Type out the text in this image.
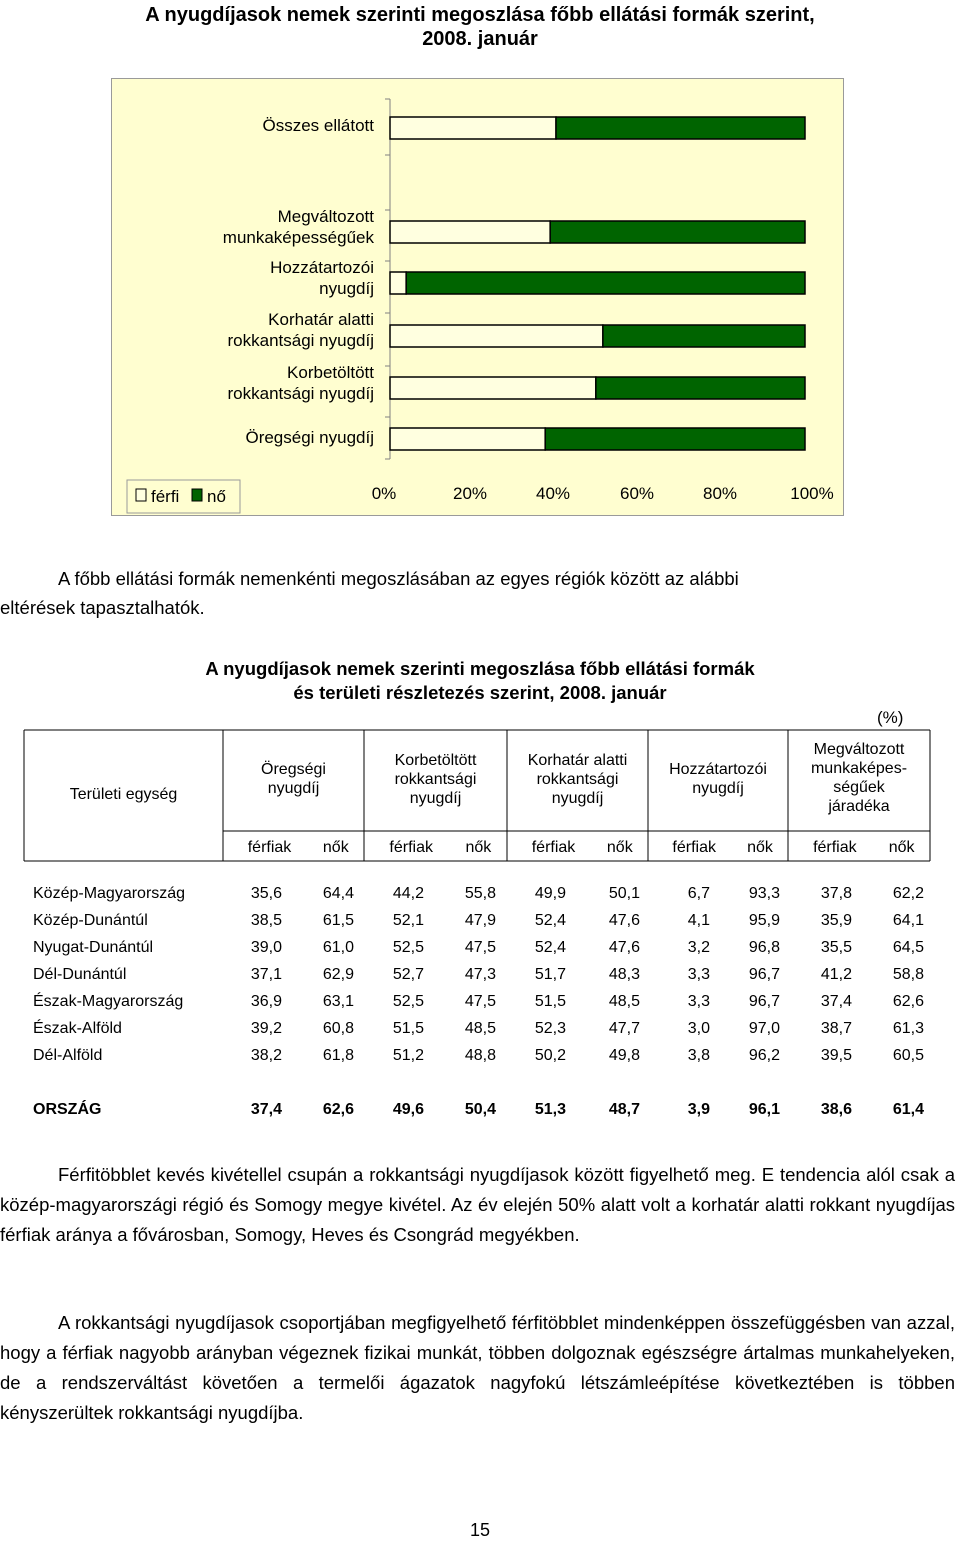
A nyugdíjasok nemek szerinti megoszlása főbb ellátási formák szerint,
2008. január
0%	20%	40%	60%	80%	100%
férfi nő
Összes ellátott
Megváltozott
munkaképességűek
Hozzátartozói
nyugdíj
Korhatár alatti
rokkantsági nyugdíj
Korbetöltött
rokkantsági nyugdíj
Öregségi nyugdíj
A főbb ellátási formák nemenkénti megoszlásában az egyes régiók között az alábbi
eltérések tapasztalhatók.
A nyugdíjasok nemek szerinti megoszlása főbb ellátási formák
és területi részletezés szerint, 2008. január
(%)
Területi egység
Öregségi
nyugdíj
Korbetöltött
rokkantsági
nyugdíj
Korhatár alatti
rokkantsági
nyugdíj
Hozzátartozói
nyugdíj
Megváltozott
munkaképes-
ségűek
járadéka
férfiak	nők	férfiak	nők	férfiak	nők	férfiak	nők	férfiak	nők
Közép-Magyarország	35,6	64,4	44,2	55,8	49,9	50,1	6,7	93,3	37,8	62,2
Közép-Dunántúl	38,5	61,5	52,1	47,9	52,4	47,6	4,1	95,9	35,9	64,1
Nyugat-Dunántúl	39,0	61,0	52,5	47,5	52,4	47,6	3,2	96,8	35,5	64,5
Dél-Dunántúl	37,1	62,9	52,7	47,3	51,7	48,3	3,3	96,7	41,2	58,8
Észak-Magyarország	36,9	63,1	52,5	47,5	51,5	48,5	3,3	96,7	37,4	62,6
Észak-Alföld	39,2	60,8	51,5	48,5	52,3	47,7	3,0	97,0	38,7	61,3
Dél-Alföld	38,2	61,8	51,2	48,8	50,2	49,8	3,8	96,2	39,5	60,5
ORSZÁG	37,4	62,6	49,6	50,4	51,3	48,7	3,9	96,1	38,6	61,4
Férfitöbblet kevés kivétellel csupán a rokkantsági nyugdíjasok között figyelhető meg. E tendencia alól csak a közép-magyarországi régió és Somogy megye kivétel. Az év elején 50% alatt volt a korhatár alatti rokkant nyugdíjas férfiak aránya a fővárosban, Somogy, Heves és Csongrád megyékben.
A rokkantsági nyugdíjasok csoportjában megfigyelhető férfitöbblet mindenképpen összefüggésben van azzal, hogy a férfiak nagyobb arányban végeznek fizikai munkát, többen dolgoznak egészségre ártalmas munkahelyeken, de a rendszerváltást követően a termelői ágazatok nagyfokú létszámleépítése következtében is többen kényszerültek rokkantsági nyugdíjba.
15
